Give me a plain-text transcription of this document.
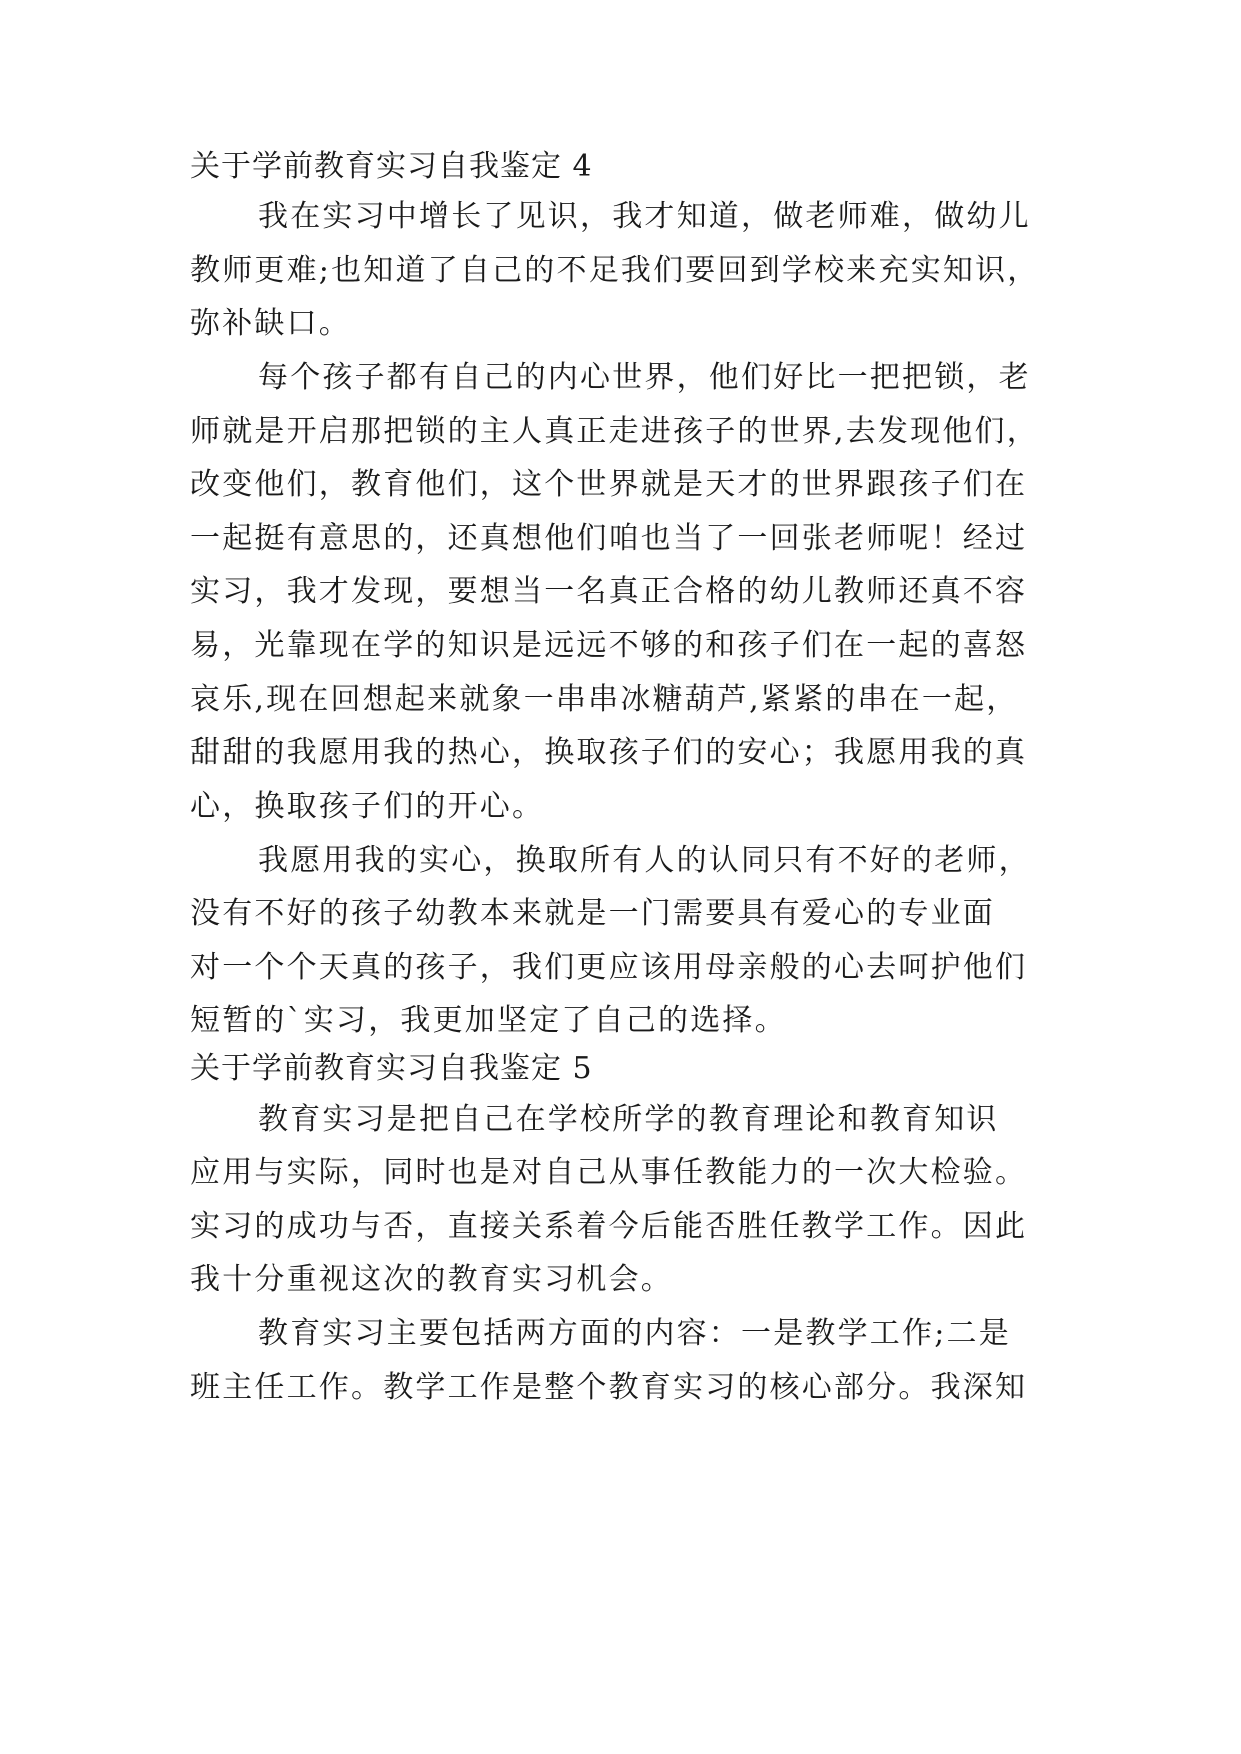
关于学前教育实习自我鉴定 4
我在实习中增长了见识，我才知道，做老师难，做幼儿
教师更难;也知道了自己的不足我们要回到学校来充实知识，
弥补缺口。
每个孩子都有自己的内心世界，他们好比一把把锁，老
师就是开启那把锁的主人真正走进孩子的世界,去发现他们，
改变他们，教育他们，这个世界就是天才的世界跟孩子们在
一起挺有意思的，还真想他们咱也当了一回张老师呢！经过
实习，我才发现，要想当一名真正合格的幼儿教师还真不容
易，光靠现在学的知识是远远不够的和孩子们在一起的喜怒
哀乐,现在回想起来就象一串串冰糖葫芦,紧紧的串在一起，
甜甜的我愿用我的热心，换取孩子们的安心；我愿用我的真
心，换取孩子们的开心。
我愿用我的实心，换取所有人的认同只有不好的老师，
没有不好的孩子幼教本来就是一门需要具有爱心的专业面
对一个个天真的孩子，我们更应该用母亲般的心去呵护他们
短暂的`实习，我更加坚定了自己的选择。
关于学前教育实习自我鉴定 5
教育实习是把自己在学校所学的教育理论和教育知识
应用与实际，同时也是对自己从事任教能力的一次大检验。
实习的成功与否，直接关系着今后能否胜任教学工作。因此
我十分重视这次的教育实习机会。
教育实习主要包括两方面的内容：一是教学工作;二是
班主任工作。教学工作是整个教育实习的核心部分。我深知
